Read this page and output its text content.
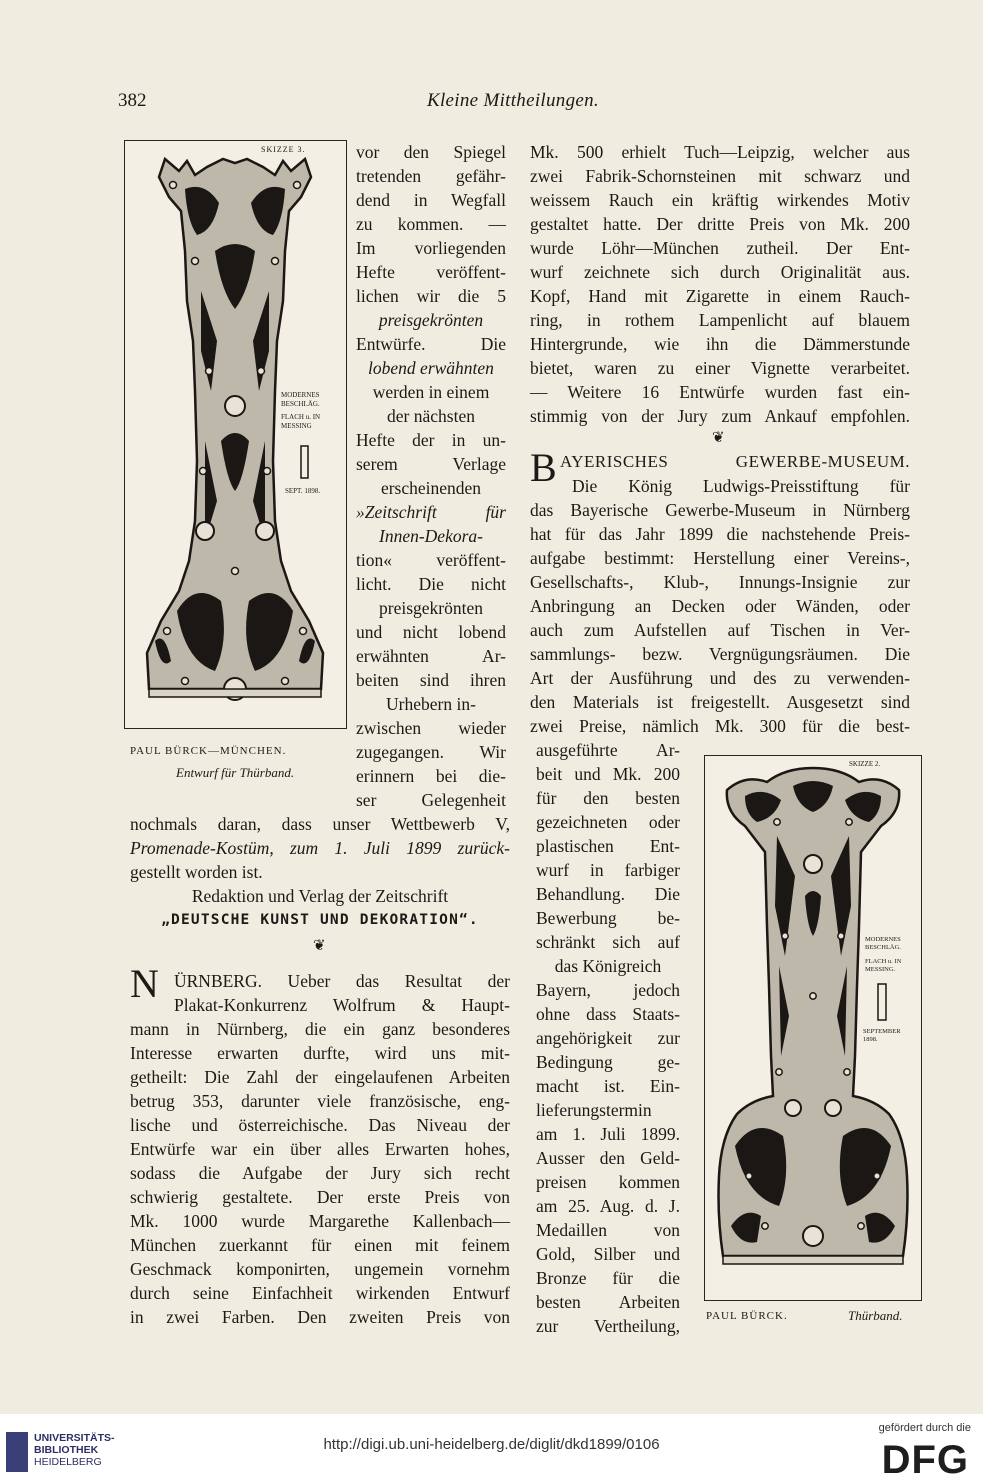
382	Kleine Mittheilungen.
SKIZZE 3.
MODERNES BESCHLÄG.
FLACH u. IN MESSING
SEPT. 1898.
PAUL BÜRCK—MÜNCHEN.
Entwurf für Thürband.
vor den Spiegel
tretenden gefähr-
dend in Wegfall
zu kommen. —
Im vorliegenden
Hefte veröffent-
lichen wir die 5
preisgekrönten
Entwürfe. Die
lobend erwähnten
werden in einem
der nächsten
Hefte der in un-
serem Verlage
erscheinenden
»Zeitschrift für
Innen-Dekora-
tion« veröffent-
licht. Die nicht
preisgekrönten
und nicht lobend
erwähnten Ar-
beiten sind ihren
Urhebern in-
zwischen wieder
zugegangen. Wir
erinnern bei die-
ser Gelegenheit
nochmals daran, dass unser Wettbewerb V,
Promenade-Kostüm, zum 1. Juli 1899 zurück-
gestellt worden ist.
Redaktion und Verlag der Zeitschrift
„DEUTSCHE KUNST UND DEKORATION“.
❦
N ÜRNBERG. Ueber das Resultat der
Plakat-Konkurrenz Wolfrum & Haupt-
mann in Nürnberg, die ein ganz besonderes
Interesse erwarten durfte, wird uns mit-
getheilt: Die Zahl der eingelaufenen Arbeiten
betrug 353, darunter viele französische, eng-
lische und österreichische. Das Niveau der
Entwürfe war ein über alles Erwarten hohes,
sodass die Aufgabe der Jury sich recht
schwierig gestaltete. Der erste Preis von
Mk. 1000 wurde Margarethe Kallenbach—
München zuerkannt für einen mit feinem
Geschmack komponirten, ungemein vornehm
durch seine Einfachheit wirkenden Entwurf
in zwei Farben. Den zweiten Preis von
Mk. 500 erhielt Tuch—Leipzig, welcher aus
zwei Fabrik-Schornsteinen mit schwarz und
weissem Rauch ein kräftig wirkendes Motiv
gestaltet hatte. Der dritte Preis von Mk. 200
wurde Löhr—München zutheil. Der Ent-
wurf zeichnete sich durch Originalität aus.
Kopf, Hand mit Zigarette in einem Rauch-
ring, in rothem Lampenlicht auf blauem
Hintergrunde, wie ihn die Dämmerstunde
bietet, waren zu einer Vignette verarbeitet.
— Weitere 16 Entwürfe wurden fast ein-
stimmig von der Jury zum Ankauf empfohlen.
❦
B AYERISCHES GEWERBE-MUSEUM.
Die König Ludwigs-Preisstiftung für
das Bayerische Gewerbe-Museum in Nürnberg
hat für das Jahr 1899 die nachstehende Preis-
aufgabe bestimmt: Herstellung einer Vereins-,
Gesellschafts-, Klub-, Innungs-Insignie zur
Anbringung an Decken oder Wänden, oder
auch zum Aufstellen auf Tischen in Ver-
sammlungs- bezw. Vergnügungsräumen. Die
Art der Ausführung und des zu verwenden-
den Materials ist freigestellt. Ausgesetzt sind
zwei Preise, nämlich Mk. 300 für die best-
ausgeführte Ar-
beit und Mk. 200
für den besten
gezeichneten oder
plastischen Ent-
wurf in farbiger
Behandlung. Die
Bewerbung be-
schränkt sich auf
das Königreich
Bayern, jedoch
ohne dass Staats-
angehörigkeit zur
Bedingung ge-
macht ist. Ein-
lieferungstermin
am 1. Juli 1899.
Ausser den Geld-
preisen kommen
am 25. Aug. d. J.
Medaillen von
Gold, Silber und
Bronze für die
besten Arbeiten
zur Vertheilung,
SKIZZE 2.
MODERNES BESCHLÄG.
FLACH u. IN MESSING.
SEPTEMBER 1898.
PAUL BÜRCK.	Thürband.
UNIVERSITÄTS-
BIBLIOTHEK
HEIDELBERG
http://digi.ub.uni-heidelberg.de/diglit/dkd1899/0106
gefördert durch die
DFG
